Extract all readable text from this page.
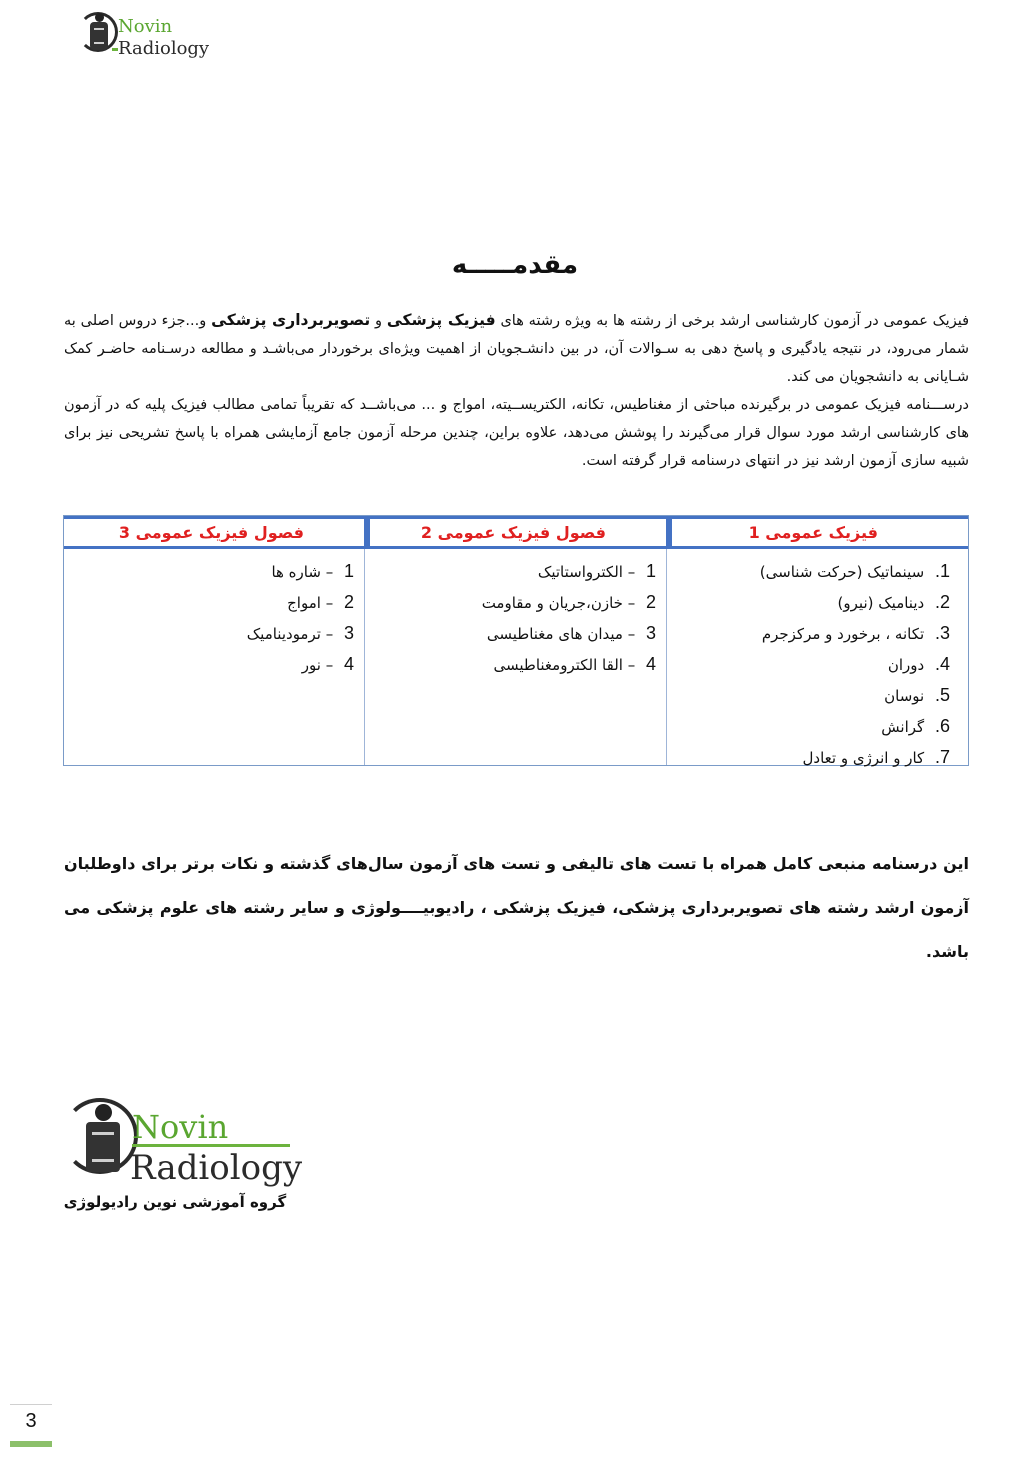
Novin
Radiology
مقدمـــــه
فیزیک عمومی در آزمون کارشناسی ارشد برخی از رشته ها به ویژه رشته های فیزیک پزشکی و تصویربرداری پزشکی و...جزء دروس اصلی به شمار می‌رود، در نتیجه یادگیری و پاسخ دهی به سـوالات آن، در بین دانشـجویان از اهمیت ویژه‌ای برخوردار می‌باشـد و مطالعه درسـنامه حاضـر کمک شـایانی به دانشجویان می کند.
درســـنامه فیزیک عمومی در برگیرنده مباحثی از مغناطیس، تکانه، الکتریســیته، امواج و ... می‌باشــد که تقریباً تمامی مطالب فیزیک پلیه که در آزمون های کارشناسی ارشد مورد سوال قرار می‌گیرند را پوشش می‌دهد، علاوه براین، چندین مرحله آزمون جامع آزمایشی همراه با پاسخ تشریحی نیز برای شبیه سازی آزمون ارشد نیز در انتهای درسنامه قرار گرفته است.
فیزیک عمومی 1
فصول فیزیک عمومی 2
فصول فیزیک عمومی 3
1. سینماتیک (حرکت شناسی)
2. دینامیک (نیرو)
3. تکانه ، برخورد و مرکزجرم
4. دوران
5. نوسان
6. گرانش
7. کار و انرژی و تعادل
1 – الکترواستاتیک
2 – خازن،جریان و مقاومت
3 – میدان های مغناطیسی
4 – القا الکترومغناطیسی
1 – شاره ها
2 – امواج
3 – ترمودینامیک
4 – نور
این درسنامه منبعی کامل همراه با تست های تالیفی و تست های آزمون سال‌های گذشته و نکات برتر برای داوطلبان آزمون ارشد رشته های تصویربرداری پزشکی، فیزیک پزشکی ، رادیوبیــــولوژی و سایر رشته های علوم پزشکی می باشد.
Novin
Radiology
گروه آموزشی نوین رادیولوژی
3
